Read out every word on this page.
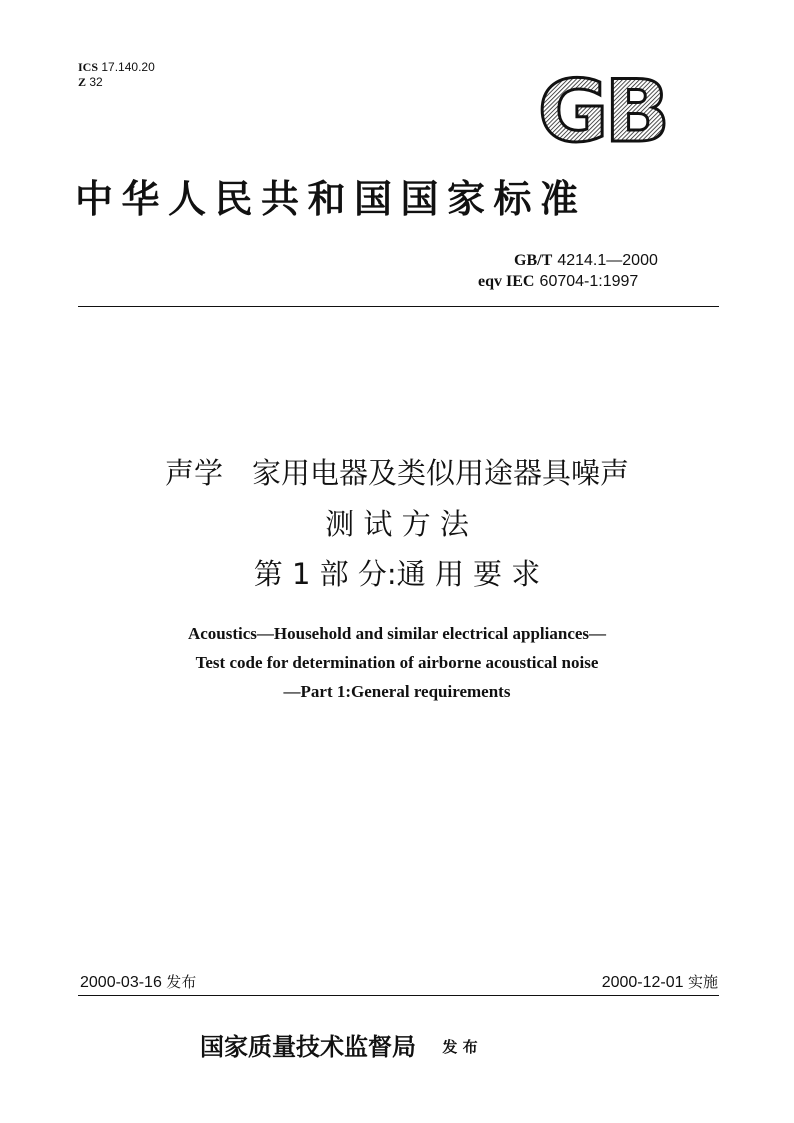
ICS 17.140.20
Z 32	GB
中华人民共和国国家标准
GB/T 4214.1—2000
eqv IEC 60704-1:1997
声学　家用电器及类似用途器具噪声
测 试 方 法
第 1 部 分:通 用 要 求
Acoustics—Household and similar electrical appliances—
Test code for determination of airborne acoustical noise
—Part 1:General requirements
2000-03-16 发布	2000-12-01 实施
国家质量技术监督局 发 布
